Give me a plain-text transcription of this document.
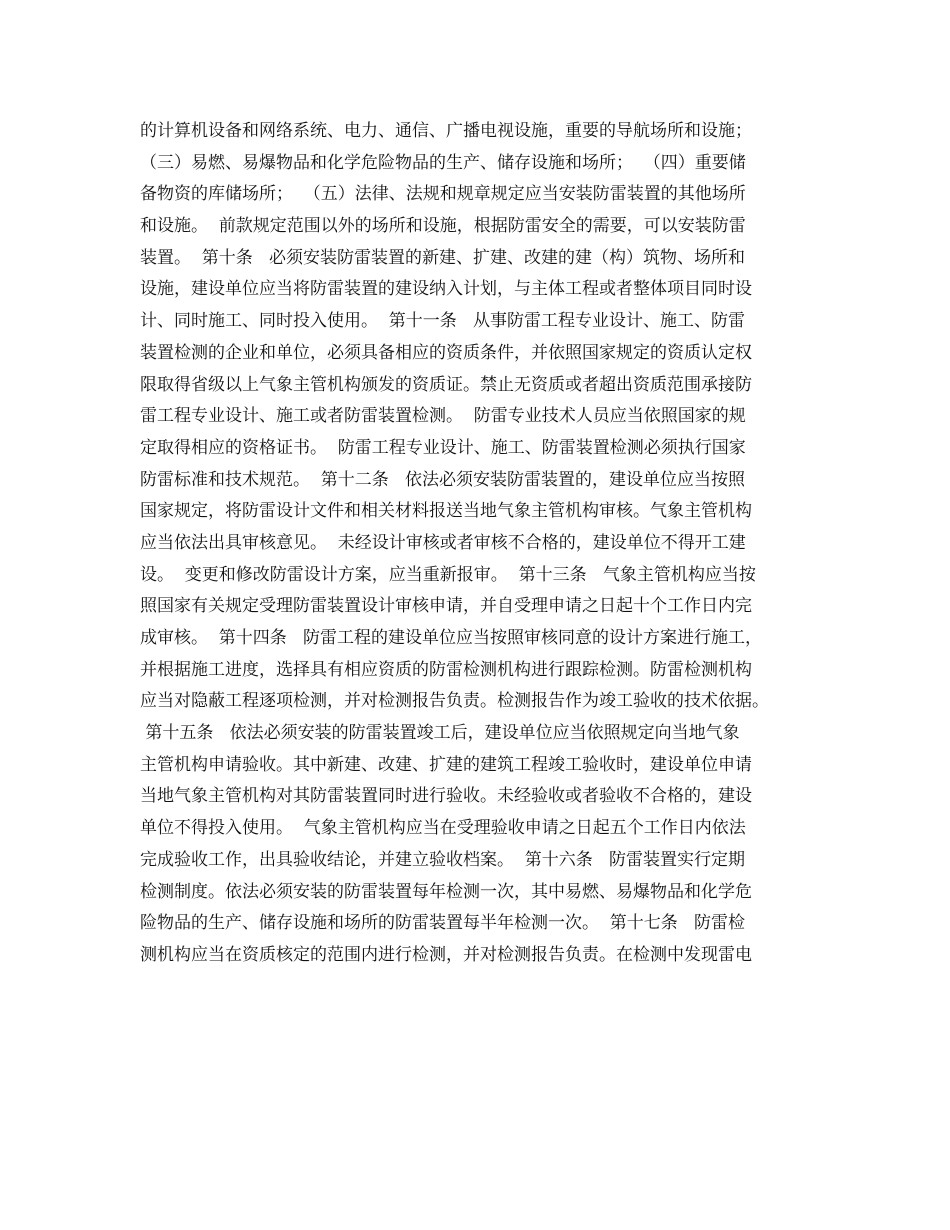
的计算机设备和网络系统、电力、通信、广播电视设施，重要的导航场所和设施；
（三）易燃、易爆物品和化学危险物品的生产、储存设施和场所；  （四）重要储
备物资的库储场所；  （五）法律、法规和规章规定应当安装防雷装置的其他场所
和设施。  前款规定范围以外的场所和设施，根据防雷安全的需要，可以安装防雷
装置。  第十条   必须安装防雷装置的新建、扩建、改建的建（构）筑物、场所和
设施，建设单位应当将防雷装置的建设纳入计划，与主体工程或者整体项目同时设
计、同时施工、同时投入使用。  第十一条   从事防雷工程专业设计、施工、防雷
装置检测的企业和单位，必须具备相应的资质条件，并依照国家规定的资质认定权
限取得省级以上气象主管机构颁发的资质证。禁止无资质或者超出资质范围承接防
雷工程专业设计、施工或者防雷装置检测。  防雷专业技术人员应当依照国家的规
定取得相应的资格证书。  防雷工程专业设计、施工、防雷装置检测必须执行国家
防雷标准和技术规范。  第十二条   依法必须安装防雷装置的，建设单位应当按照
国家规定，将防雷设计文件和相关材料报送当地气象主管机构审核。气象主管机构
应当依法出具审核意见。  未经设计审核或者审核不合格的，建设单位不得开工建
设。  变更和修改防雷设计方案，应当重新报审。  第十三条   气象主管机构应当按
照国家有关规定受理防雷装置设计审核申请，并自受理申请之日起十个工作日内完
成审核。  第十四条   防雷工程的建设单位应当按照审核同意的设计方案进行施工，
并根据施工进度，选择具有相应资质的防雷检测机构进行跟踪检测。防雷检测机构
应当对隐蔽工程逐项检测，并对检测报告负责。检测报告作为竣工验收的技术依据。
第十五条   依法必须安装的防雷装置竣工后，建设单位应当依照规定向当地气象
主管机构申请验收。其中新建、改建、扩建的建筑工程竣工验收时，建设单位申请
当地气象主管机构对其防雷装置同时进行验收。未经验收或者验收不合格的，建设
单位不得投入使用。  气象主管机构应当在受理验收申请之日起五个工作日内依法
完成验收工作，出具验收结论，并建立验收档案。  第十六条   防雷装置实行定期
检测制度。依法必须安装的防雷装置每年检测一次，其中易燃、易爆物品和化学危
险物品的生产、储存设施和场所的防雷装置每半年检测一次。  第十七条   防雷检
测机构应当在资质核定的范围内进行检测，并对检测报告负责。在检测中发现雷电
